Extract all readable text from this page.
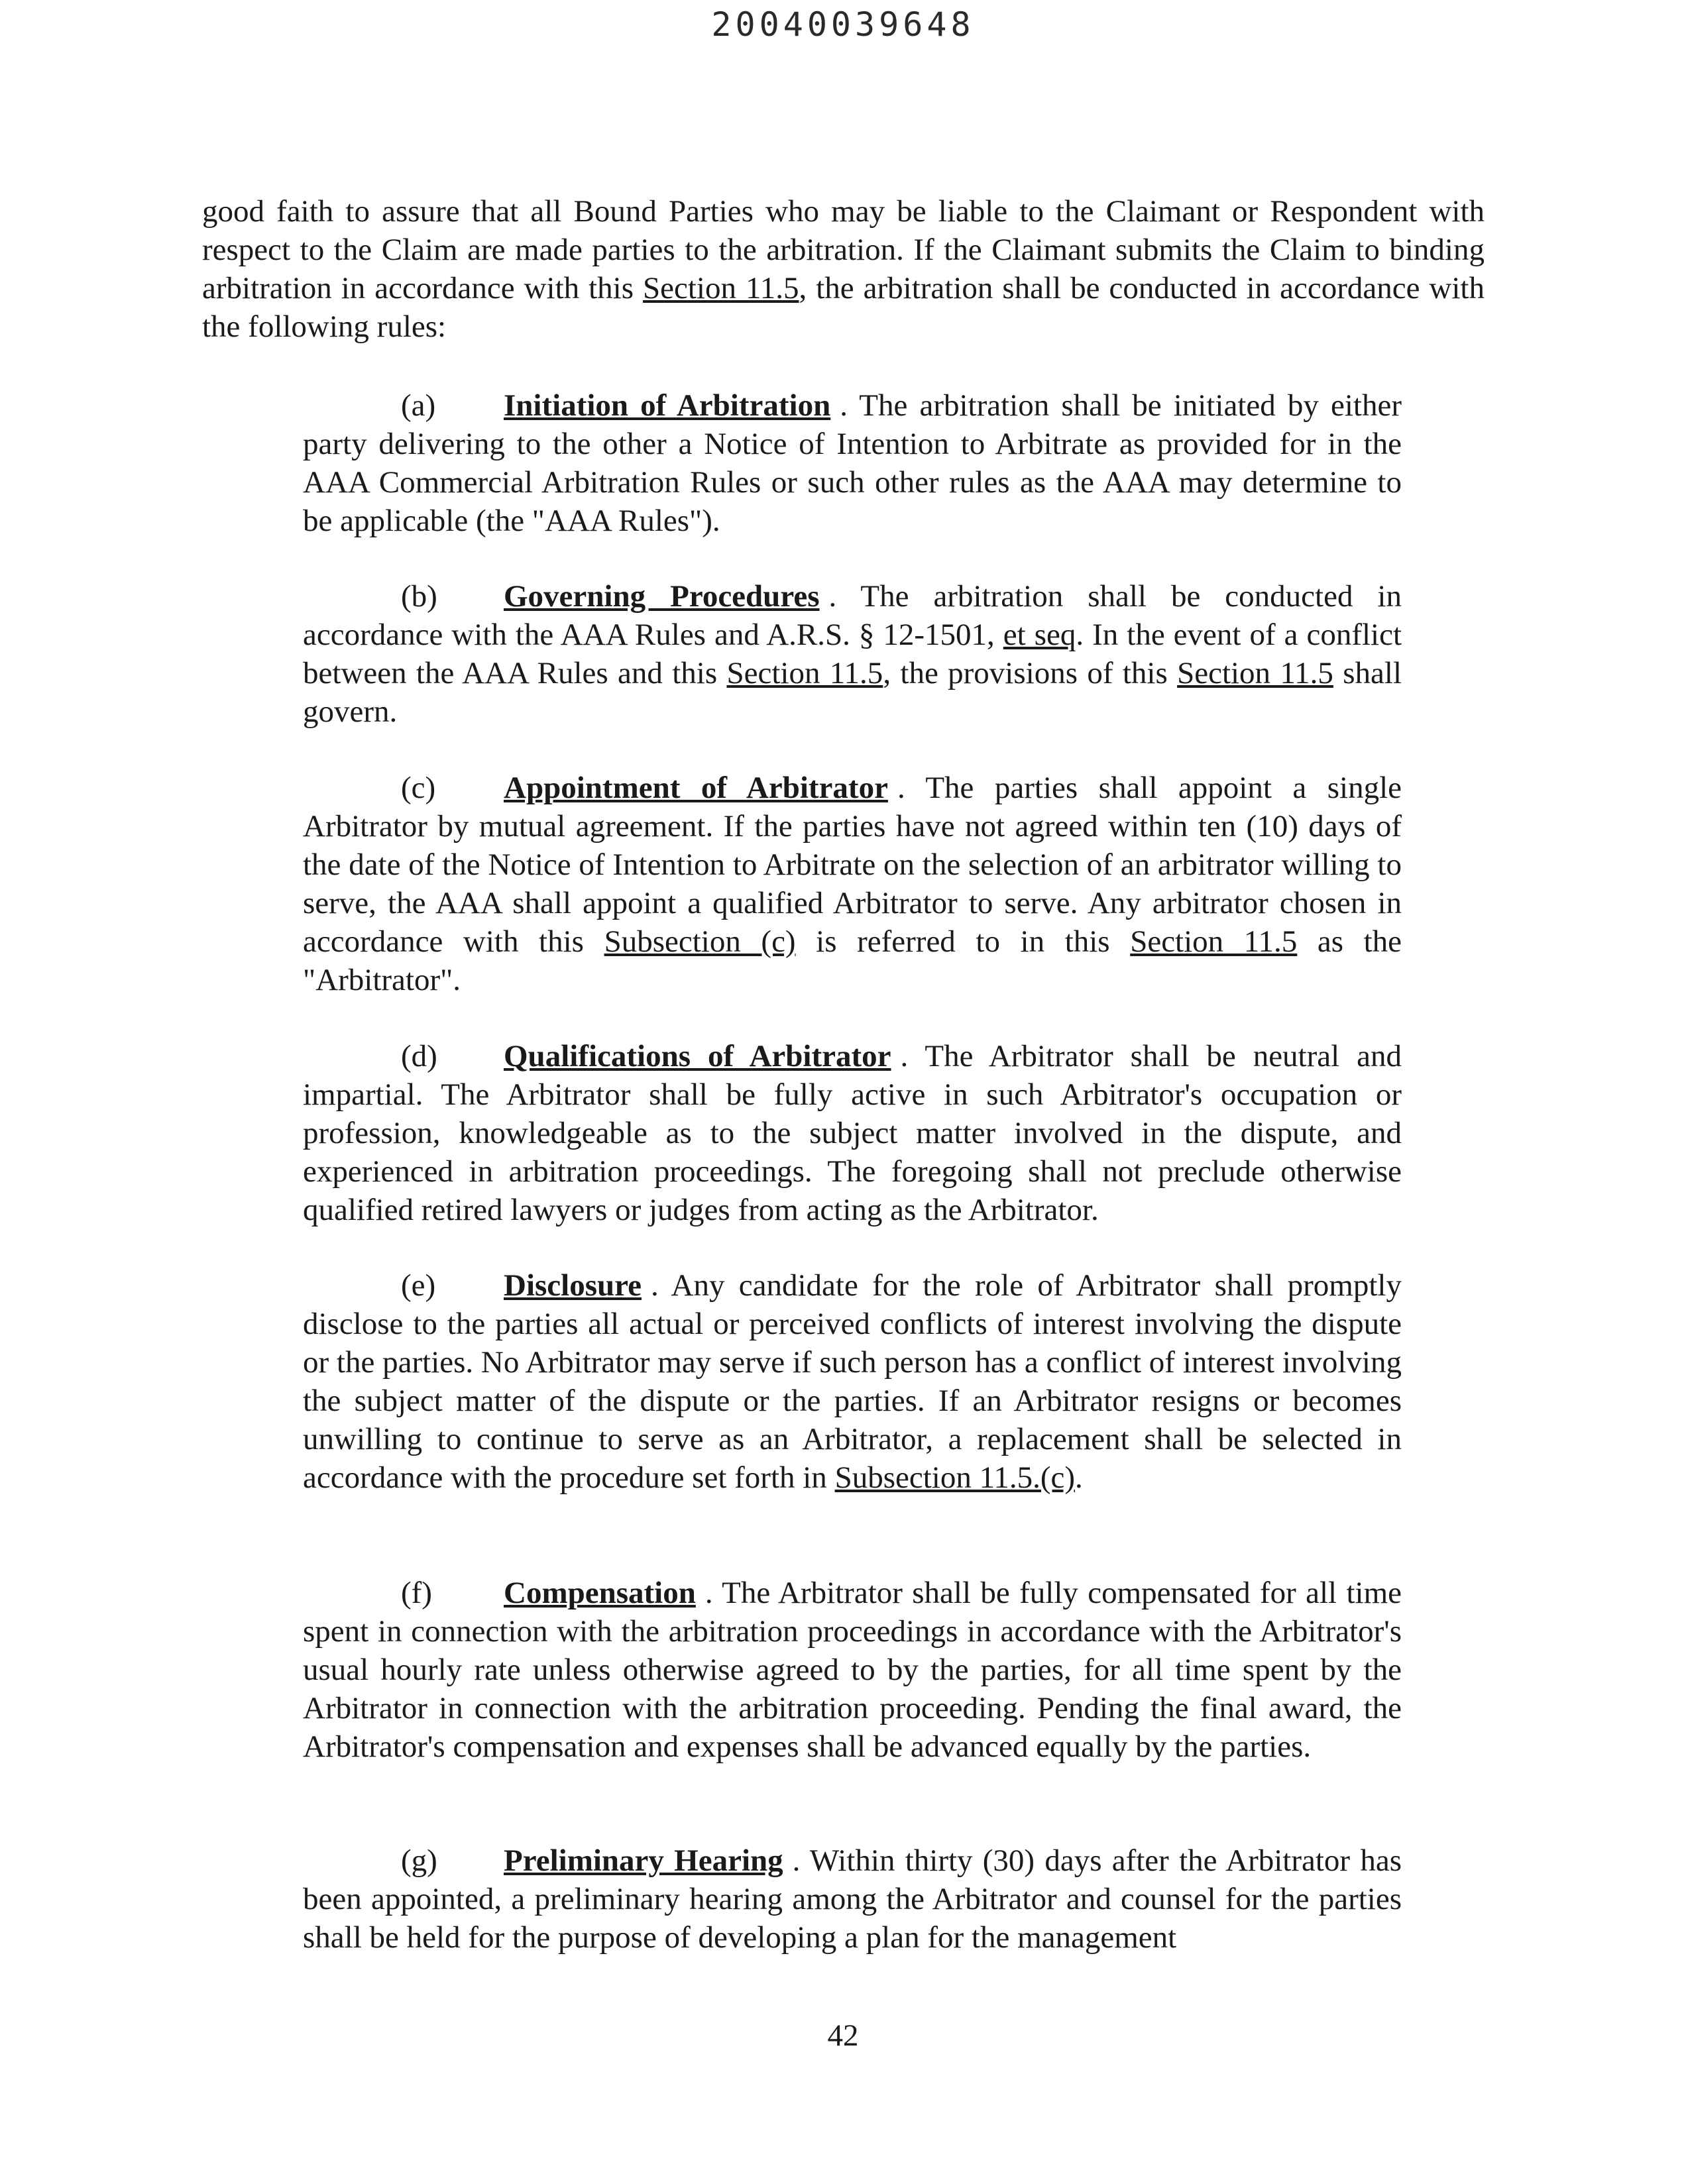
20040039648

good faith to assure that all Bound Parties who may be liable to the Claimant or Respondent with respect to the Claim are made parties to the arbitration. If the Claimant submits the Claim to binding arbitration in accordance with this Section 11.5, the arbitration shall be conducted in accordance with the following rules:

(a) Initiation of Arbitration . The arbitration shall be initiated by either party delivering to the other a Notice of Intention to Arbitrate as provided for in the AAA Commercial Arbitration Rules or such other rules as the AAA may determine to be applicable (the "AAA Rules").

(b) Governing Procedures . The arbitration shall be conducted in accordance with the AAA Rules and A.R.S. § 12-1501, et seq. In the event of a conflict between the AAA Rules and this Section 11.5, the provisions of this Section 11.5 shall govern.

(c) Appointment of Arbitrator . The parties shall appoint a single Arbitrator by mutual agreement. If the parties have not agreed within ten (10) days of the date of the Notice of Intention to Arbitrate on the selection of an arbitrator willing to serve, the AAA shall appoint a qualified Arbitrator to serve. Any arbitrator chosen in accordance with this Subsection (c) is referred to in this Section 11.5 as the "Arbitrator".

(d) Qualifications of Arbitrator . The Arbitrator shall be neutral and impartial. The Arbitrator shall be fully active in such Arbitrator's occupation or profession, knowledgeable as to the subject matter involved in the dispute, and experienced in arbitration proceedings. The foregoing shall not preclude otherwise qualified retired lawyers or judges from acting as the Arbitrator.

(e) Disclosure . Any candidate for the role of Arbitrator shall promptly disclose to the parties all actual or perceived conflicts of interest involving the dispute or the parties. No Arbitrator may serve if such person has a conflict of interest involving the subject matter of the dispute or the parties. If an Arbitrator resigns or becomes unwilling to continue to serve as an Arbitrator, a replacement shall be selected in accordance with the procedure set forth in Subsection 11.5.(c).

(f) Compensation . The Arbitrator shall be fully compensated for all time spent in connection with the arbitration proceedings in accordance with the Arbitrator's usual hourly rate unless otherwise agreed to by the parties, for all time spent by the Arbitrator in connection with the arbitration proceeding. Pending the final award, the Arbitrator's compensation and expenses shall be advanced equally by the parties.

(g) Preliminary Hearing . Within thirty (30) days after the Arbitrator has been appointed, a preliminary hearing among the Arbitrator and counsel for the parties shall be held for the purpose of developing a plan for the management

42
